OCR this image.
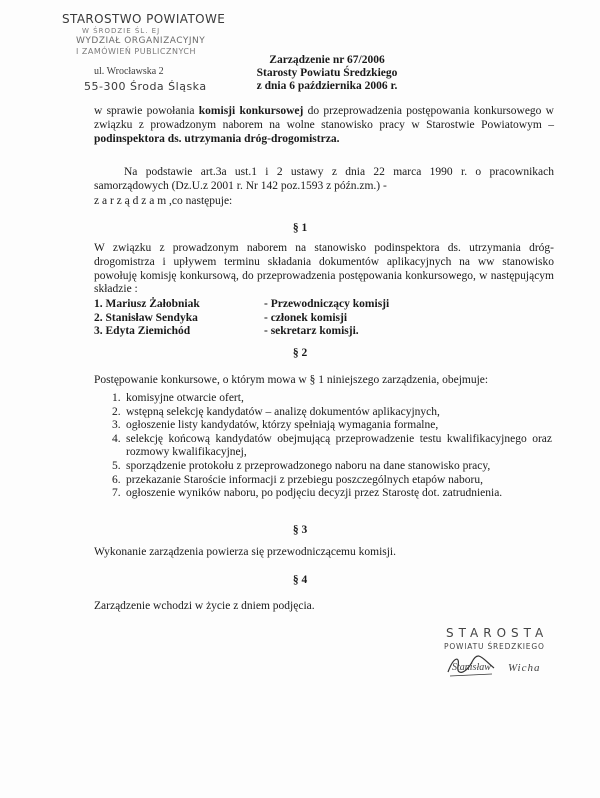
STAROSTWO POWIATOWE
W ŚRODZIE ŚL. EJ
WYDZIAŁ ORGANIZACYJNY
I ZAMÓWIEŃ PUBLICZNYCH
ul. Wrocławska 2
55-300 Środa Śląska
Zarządzenie nr 67/2006
Starosty Powiatu Średzkiego
z dnia 6 października 2006 r.
w sprawie powołania komisji konkursowej do przeprowadzenia postępowania konkursowego w związku z prowadzonym naborem na wolne stanowisko pracy w Starostwie Powiatowym – podinspektora ds. utrzymania dróg-drogomistrza.
Na podstawie art.3a ust.1 i 2 ustawy z dnia 22 marca 1990 r. o pracownikach samorządowych (Dz.U.z 2001 r. Nr 142 poz.1593 z późn.zm.) -
z a r z ą d z a m ,co następuje:
§ 1
W związku z prowadzonym naborem na stanowisko podinspektora ds. utrzymania dróg-drogomistrza i upływem terminu składania dokumentów aplikacyjnych na ww stanowisko powołuję komisję konkursową, do przeprowadzenia postępowania konkursowego, w następującym składzie :
1. Mariusz Żałobniak	- Przewodniczący komisji
2. Stanisław Sendyka	- członek komisji
3. Edyta Ziemichód	- sekretarz komisji.
§ 2
Postępowanie konkursowe, o którym mowa w § 1 niniejszego zarządzenia, obejmuje:
1. komisyjne otwarcie ofert,
2. wstępną selekcję kandydatów – analizę dokumentów aplikacyjnych,
3. ogłoszenie listy kandydatów, którzy spełniają wymagania formalne,
4. selekcję końcową kandydatów obejmującą przeprowadzenie testu kwalifikacyjnego oraz rozmowy kwalifikacyjnej,
5. sporządzenie protokołu z przeprowadzonego naboru na dane stanowisko pracy,
6. przekazanie Staroście informacji z przebiegu poszczególnych etapów naboru,
7. ogłoszenie wyników naboru, po podjęciu decyzji przez Starostę dot. zatrudnienia.
§ 3
Wykonanie zarządzenia powierza się przewodniczącemu komisji.
§ 4
Zarządzenie wchodzi w życie z dniem podjęcia.
STAROSTA
POWIATU ŚREDZKIEGO
Stanisław Wicha
